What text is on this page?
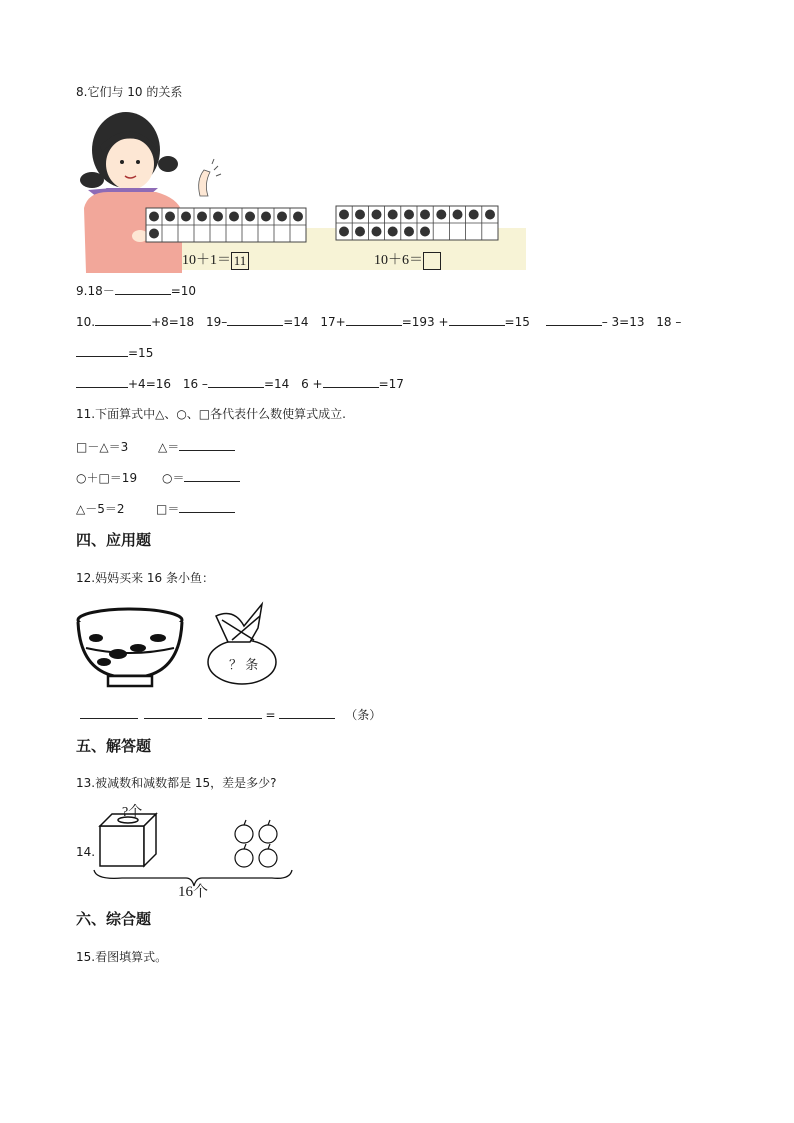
8.它们与 10 的关系
10＋1＝ 11	10＋6＝
9.18－	=10
10.	+8=18 19–	=14 17+	=193 +	=15	– 3=13 18 –
=15
+4=16 16 –	=14 6 +	=17
11.下面算式中△、○、□各代表什么数使算式成立.
□－△＝3 △＝
○＋□＝19 ○＝
△－5＝2	□＝
四、应用题
12.妈妈买来 16 条小鱼：
？ 条
=	（条）
五、解答题
13.被减数和减数都是 15，差是多少?
14.
?个
16个
六、综合题
15.看图填算式。
